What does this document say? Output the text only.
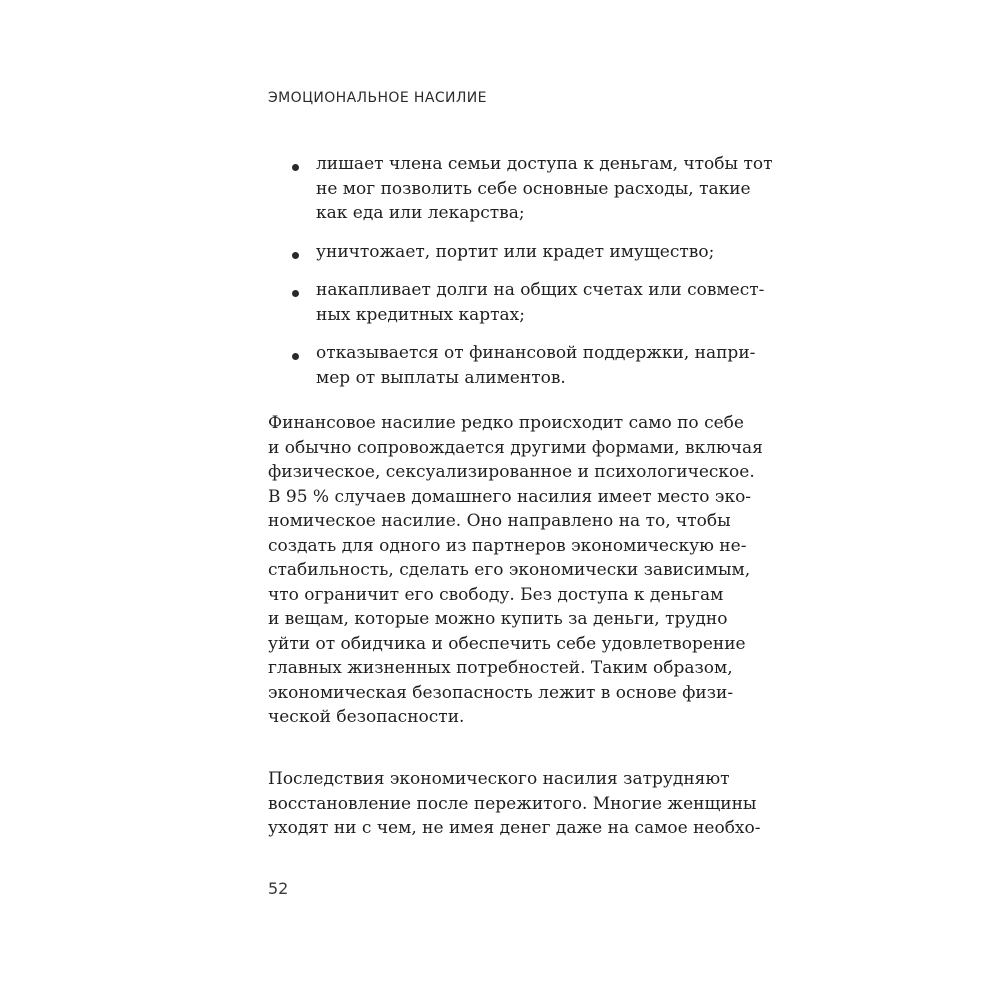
ЭМОЦИОНАЛЬНОЕ НАСИЛИЕ
лишает члена семьи доступа к деньгам, чтобы тот
не мог позволить себе основные расходы, такие
как еда или лекарства;
уничтожает, портит или крадет имущество;
накапливает долги на общих счетах или совмест-
ных кредитных картах;
отказывается от финансовой поддержки, напри-
мер от выплаты алиментов.
Финансовое насилие редко происходит само по себе
и обычно сопровождается другими формами, включая
физическое, сексуализированное и психологическое.
В 95 % случаев домашнего насилия имеет место эко-
номическое насилие. Оно направлено на то, чтобы
создать для одного из партнеров экономическую не-
стабильность, сделать его экономически зависимым,
что ограничит его свободу. Без доступа к деньгам
и вещам, которые можно купить за деньги, трудно
уйти от обидчика и обеспечить себе удовлетворение
главных жизненных потребностей. Таким образом,
экономическая безопасность лежит в основе физи-
ческой безопасности.
Последствия экономического насилия затрудняют
восстановление после пережитого. Многие женщины
уходят ни с чем, не имея денег даже на самое необхо-
52
